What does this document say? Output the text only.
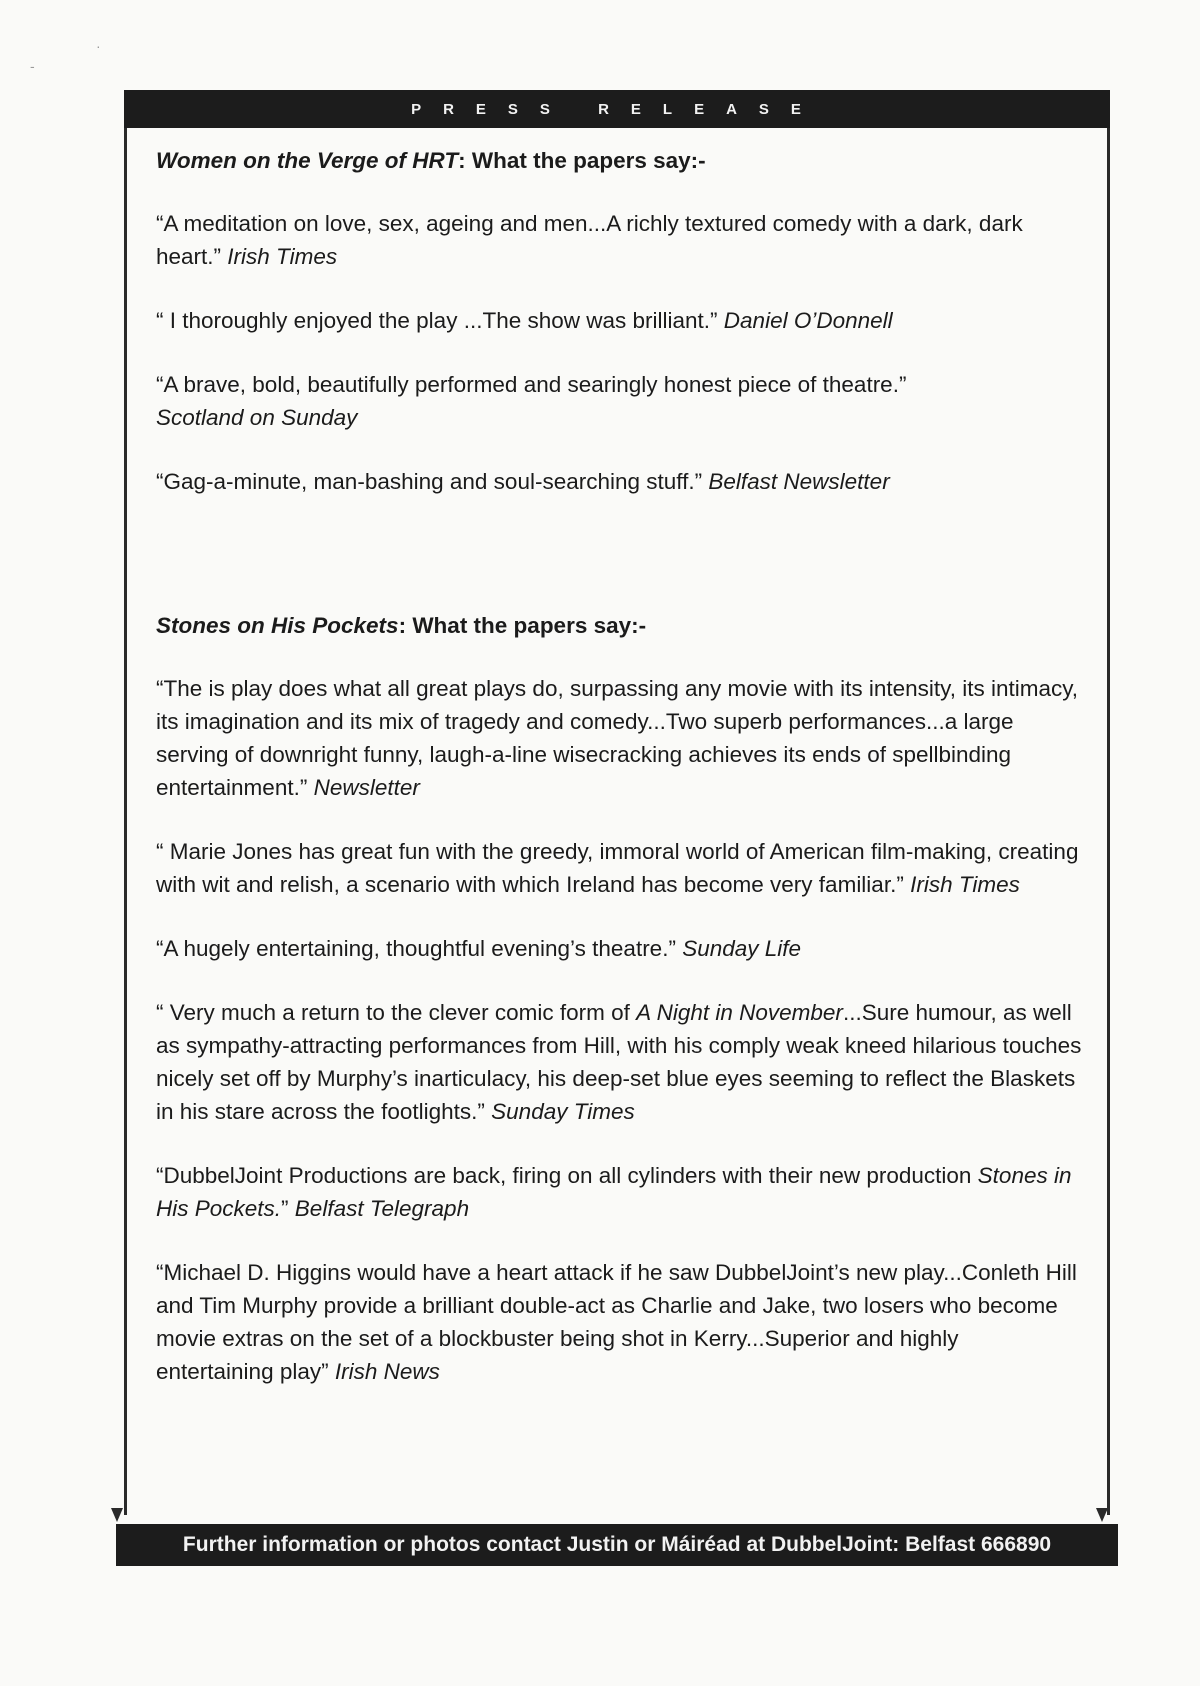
·
-
PRESS RELEASE
Women on the Verge of HRT: What the papers say:-
“A meditation on love, sex, ageing and men...A richly textured comedy with a dark, dark heart.” Irish Times
“ I thoroughly enjoyed the play ...The show was brilliant.” Daniel O’Donnell
“A brave, bold, beautifully performed and searingly honest piece of theatre.” Scotland on Sunday
“Gag-a-minute, man-bashing and soul-searching stuff.” Belfast Newsletter
Stones on His Pockets: What the papers say:-
“The is play does what all great plays do, surpassing any movie with its intensity, its intimacy, its imagination and its mix of tragedy and comedy...Two superb performances...a large serving of downright funny, laugh-a-line wisecracking achieves its ends of spellbinding entertainment.” Newsletter
“ Marie Jones has great fun with the greedy, immoral world of American film-making, creating with wit and relish, a scenario with which Ireland has become very familiar.” Irish Times
“A hugely entertaining, thoughtful evening’s theatre.” Sunday Life
“ Very much a return to the clever comic form of A Night in November...Sure humour, as well as sympathy-attracting performances from Hill, with his comply weak kneed hilarious touches nicely set off by Murphy’s inarticulacy, his deep-set blue eyes seeming to reflect the Blaskets in his stare across the footlights.” Sunday Times
“DubbelJoint Productions are back, firing on all cylinders with their new production Stones in His Pockets.” Belfast Telegraph
“Michael D. Higgins would have a heart attack if he saw DubbelJoint’s new play...Conleth Hill and Tim Murphy provide a brilliant double-act as Charlie and Jake, two losers who become movie extras on the set of a blockbuster being shot in Kerry...Superior and highly entertaining play” Irish News
Further information or photos contact Justin or Máiréad at DubbelJoint: Belfast 666890
